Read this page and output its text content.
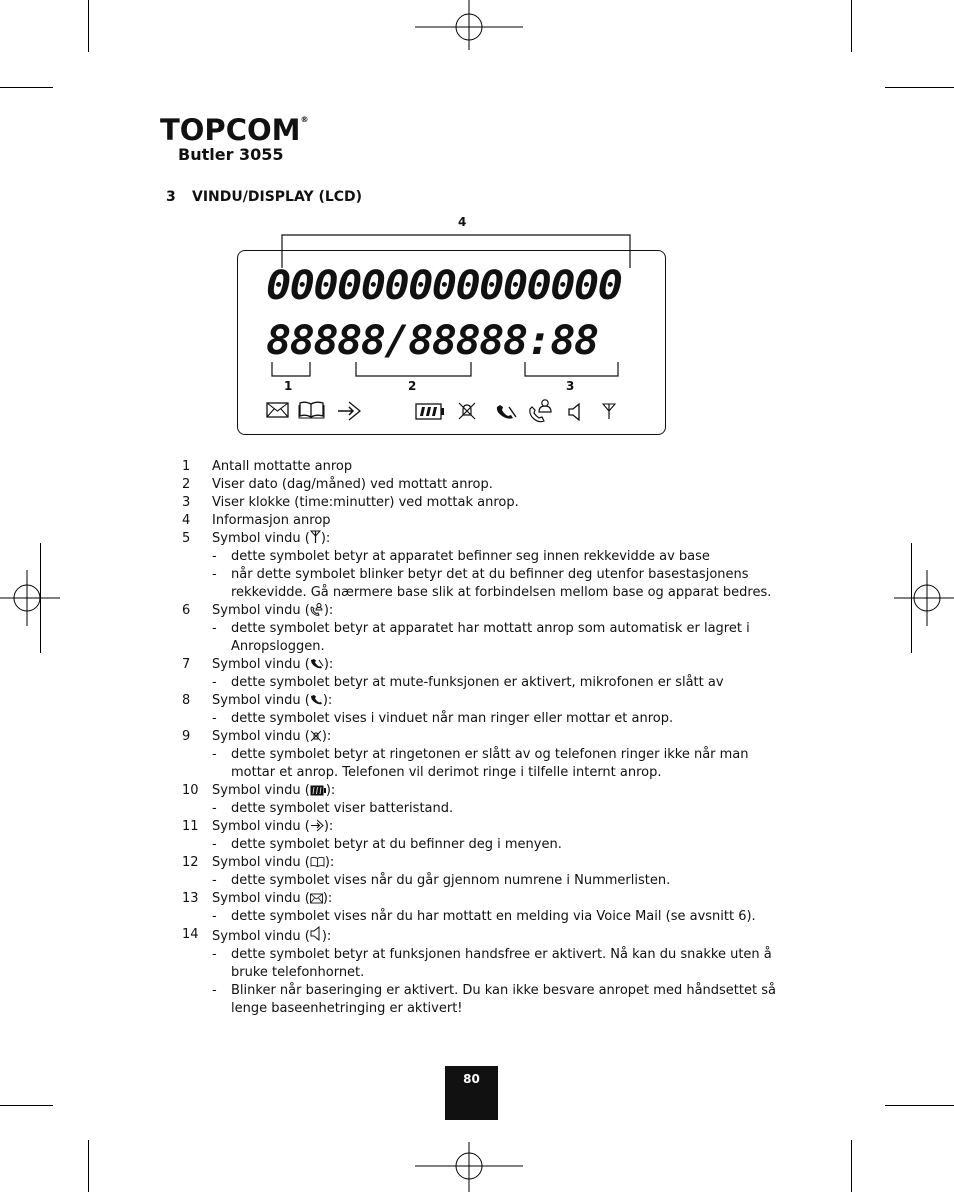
TOPCOM®
Butler 3055
3 VINDU/DISPLAY (LCD)
4
000000000000000
88888/88888:88
1	2	3
1	Antall mottatte anrop
2	Viser dato (dag/måned) ved mottatt anrop.
3	Viser klokke (time:minutter) ved mottak anrop.
4	Informasjon anrop
5	Symbol vindu ( ):
-	dette symbolet betyr at apparatet befinner seg innen rekkevidde av base
-	når dette symbolet blinker betyr det at du befinner deg utenfor basestasjonens rekkevidde. Gå nærmere base slik at forbindelsen mellom base og apparat bedres.
6	Symbol vindu ( ):
-	dette symbolet betyr at apparatet har mottatt anrop som automatisk er lagret i Anropsloggen.
7	Symbol vindu ( ):
-	dette symbolet betyr at mute-funksjonen er aktivert, mikrofonen er slått av
8	Symbol vindu ( ):
-	dette symbolet vises i vinduet når man ringer eller mottar et anrop.
9	Symbol vindu ( ):
-	dette symbolet betyr at ringetonen er slått av og telefonen ringer ikke når man mottar et anrop. Telefonen vil derimot ringe i tilfelle internt anrop.
10	Symbol vindu ( ):
-	dette symbolet viser batteristand.
11	Symbol vindu ( ):
-	dette symbolet betyr at du befinner deg i menyen.
12	Symbol vindu ( ):
-	dette symbolet vises når du går gjennom numrene i Nummerlisten.
13	Symbol vindu ( ):
-	dette symbolet vises når du har mottatt en melding via Voice Mail (se avsnitt 6).
14	Symbol vindu ( ):
-	dette symbolet betyr at funksjonen handsfree er aktivert. Nå kan du snakke uten å bruke telefonhornet.
-	Blinker når baseringing er aktivert. Du kan ikke besvare anropet med håndsettet så lenge baseenhetringing er aktivert!
80
